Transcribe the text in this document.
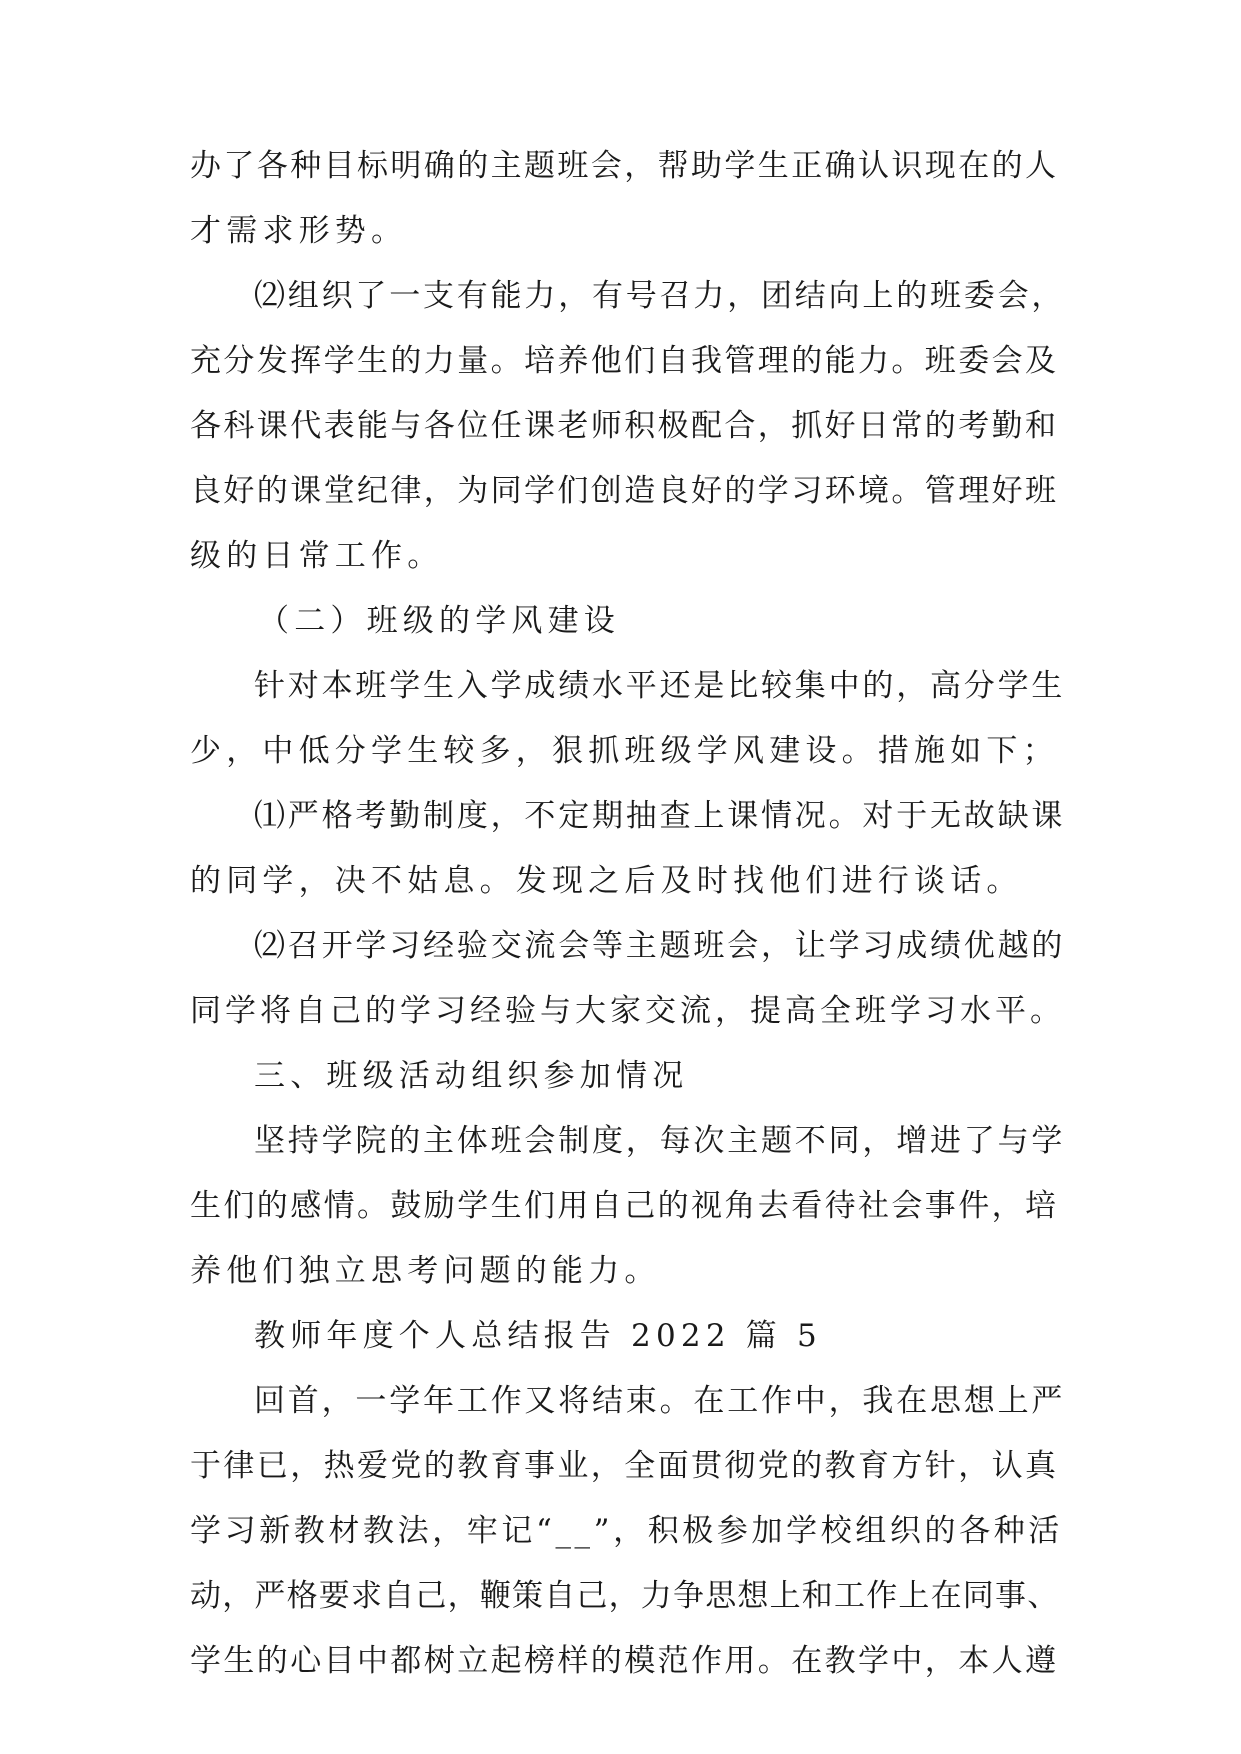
办了各种目标明确的主题班会，帮助学生正确认识现在的人
才需求形势。
⑵组织了一支有能力，有号召力，团结向上的班委会，
充分发挥学生的力量。培养他们自我管理的能力。班委会及
各科课代表能与各位任课老师积极配合，抓好日常的考勤和
良好的课堂纪律，为同学们创造良好的学习环境。管理好班
级的日常工作。
（二）班级的学风建设
针对本班学生入学成绩水平还是比较集中的，高分学生
少，中低分学生较多，狠抓班级学风建设。措施如下；
⑴严格考勤制度，不定期抽查上课情况。对于无故缺课
的同学，决不姑息。发现之后及时找他们进行谈话。
⑵召开学习经验交流会等主题班会，让学习成绩优越的
同学将自己的学习经验与大家交流，提高全班学习水平。
三、班级活动组织参加情况
坚持学院的主体班会制度，每次主题不同，增进了与学
生们的感情。鼓励学生们用自己的视角去看待社会事件，培
养他们独立思考问题的能力。
教师年度个人总结报告 2022 篇 5
回首，一学年工作又将结束。在工作中，我在思想上严
于律已，热爱党的教育事业，全面贯彻党的教育方针，认真
学习新教材教法，牢记“__”，积极参加学校组织的各种活
动，严格要求自己，鞭策自己，力争思想上和工作上在同事、
学生的心目中都树立起榜样的模范作用。在教学中，本人遵
